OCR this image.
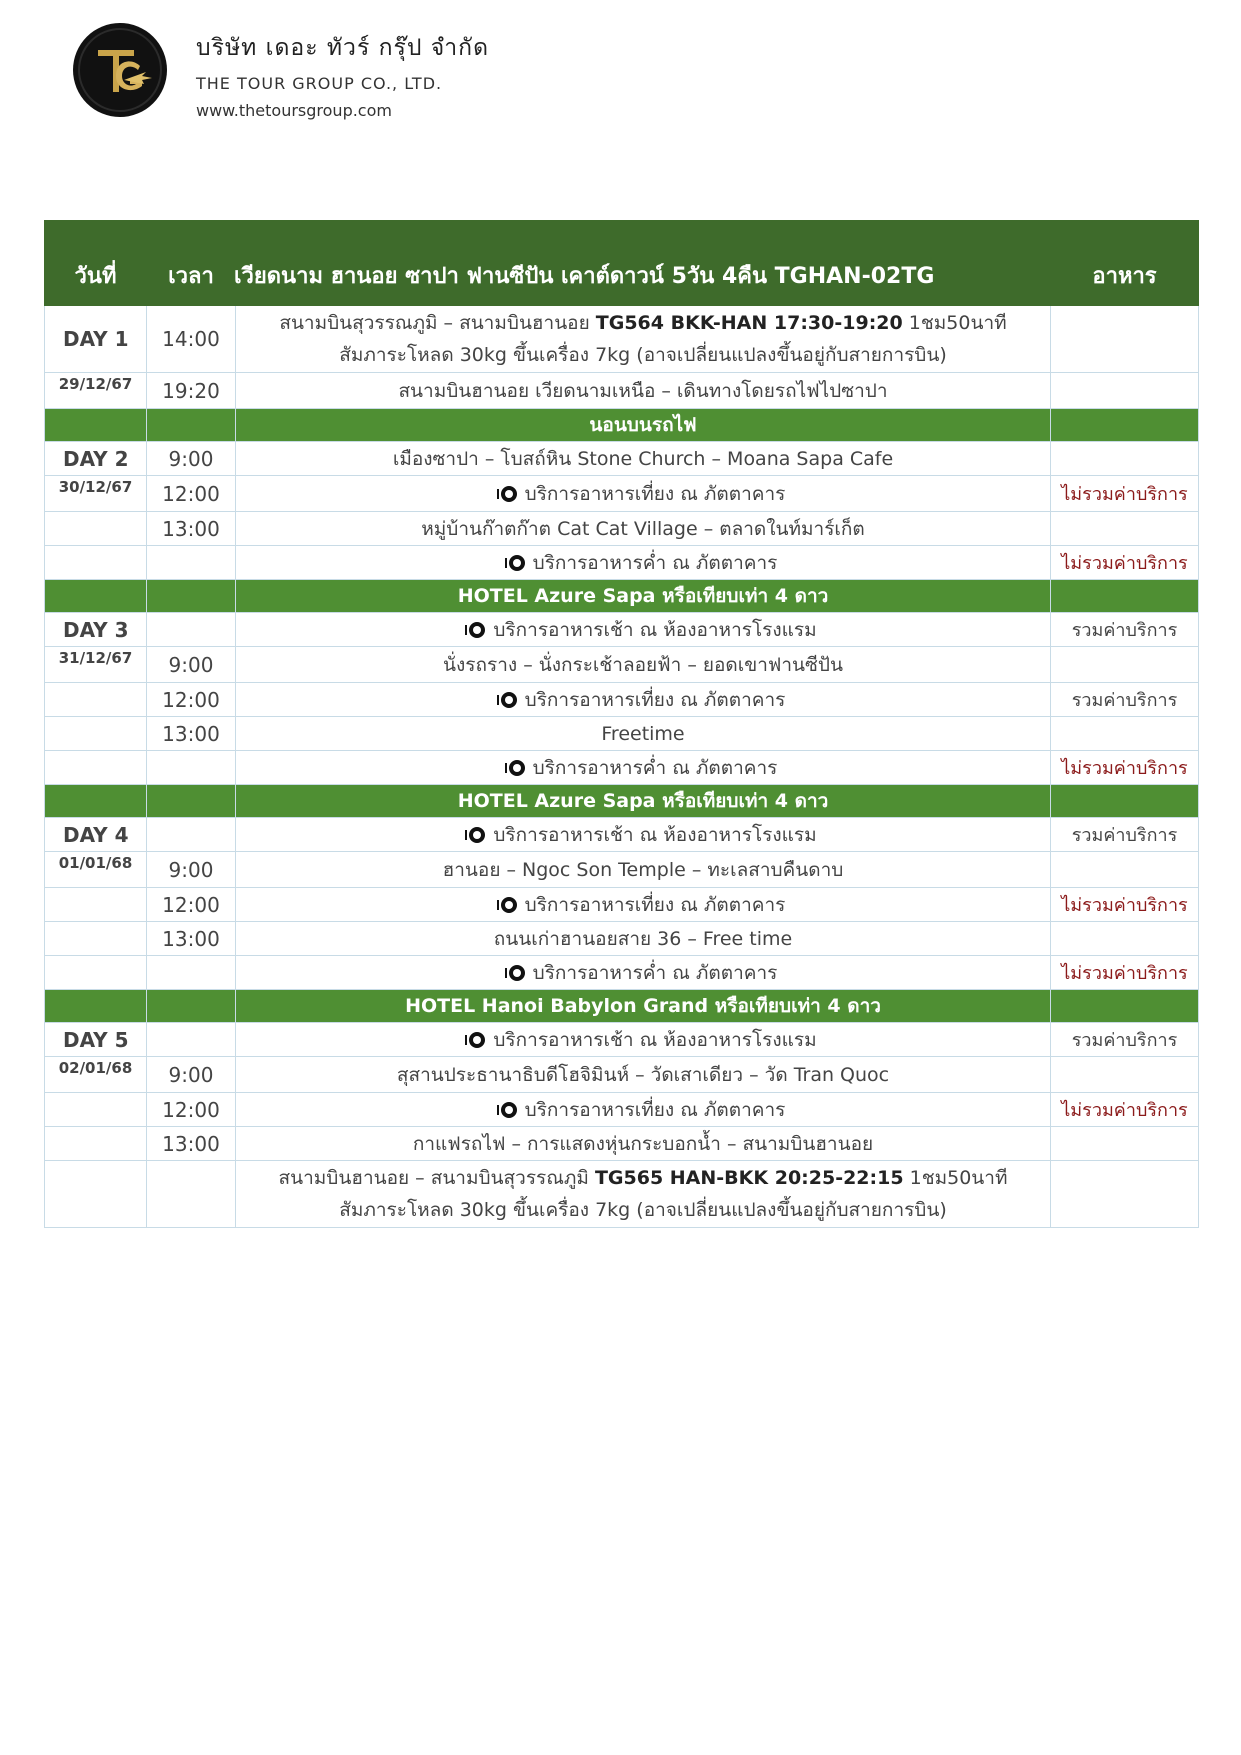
บริษัท เดอะ ทัวร์ กรุ๊ป จำกัด
THE TOUR GROUP CO., LTD.
www.thetoursgroup.com
วันที่	เวลา	เวียดนาม ฮานอย ซาปา ฟานซีปัน เคาต์ดาวน์ 5วัน 4คืน TGHAN-02TG	อาหาร
DAY 1	14:00	สนามบินสุวรรณภูมิ – สนามบินฮานอย TG564 BKK-HAN 17:30-19:20 1ชม50นาที
สัมภาระโหลด 30kg ขึ้นเครื่อง 7kg (อาจเปลี่ยนแปลงขึ้นอยู่กับสายการบิน)	

29/12/67	19:20	สนามบินฮานอย เวียดนามเหนือ – เดินทางโดยรถไฟไปซาปา	
		นอนบนรถไฟ	
DAY 2	9:00	เมืองซาปา – โบสถ์หิน Stone Church – Moana Sapa Cafe	
30/12/67	12:00	บริการอาหารเที่ยง ณ ภัตตาคาร	ไม่รวมค่าบริการ
	13:00	หมู่บ้านก๊าตก๊าต Cat Cat Village – ตลาดในท์มาร์เก็ต	
		บริการอาหารค่ำ ณ ภัตตาคาร	ไม่รวมค่าบริการ
		HOTEL Azure Sapa หรือเทียบเท่า 4 ดาว	
DAY 3		บริการอาหารเช้า ณ ห้องอาหารโรงแรม	รวมค่าบริการ
31/12/67	9:00	นั่งรถราง – นั่งกระเช้าลอยฟ้า – ยอดเขาฟานซีปัน	
	12:00	บริการอาหารเที่ยง ณ ภัตตาคาร	รวมค่าบริการ
	13:00	Freetime	
		บริการอาหารค่ำ ณ ภัตตาคาร	ไม่รวมค่าบริการ
		HOTEL Azure Sapa หรือเทียบเท่า 4 ดาว	
DAY 4		บริการอาหารเช้า ณ ห้องอาหารโรงแรม	รวมค่าบริการ
01/01/68	9:00	ฮานอย – Ngoc Son Temple – ทะเลสาบคืนดาบ	
	12:00	บริการอาหารเที่ยง ณ ภัตตาคาร	ไม่รวมค่าบริการ
	13:00	ถนนเก่าฮานอยสาย 36 – Free time	
		บริการอาหารค่ำ ณ ภัตตาคาร	ไม่รวมค่าบริการ
		HOTEL Hanoi Babylon Grand หรือเทียบเท่า 4 ดาว	
DAY 5		บริการอาหารเช้า ณ ห้องอาหารโรงแรม	รวมค่าบริการ
02/01/68	9:00	สุสานประธานาธิบดีโฮจิมินห์ – วัดเสาเดียว – วัด Tran Quoc	
	12:00	บริการอาหารเที่ยง ณ ภัตตาคาร	ไม่รวมค่าบริการ
	13:00	กาแฟรถไฟ – การแสดงหุ่นกระบอกน้ำ – สนามบินฮานอย	

		สนามบินฮานอย – สนามบินสุวรรณภูมิ TG565 HAN-BKK 20:25-22:15 1ชม50นาที
สัมภาระโหลด 30kg ขึ้นเครื่อง 7kg (อาจเปลี่ยนแปลงขึ้นอยู่กับสายการบิน)	
